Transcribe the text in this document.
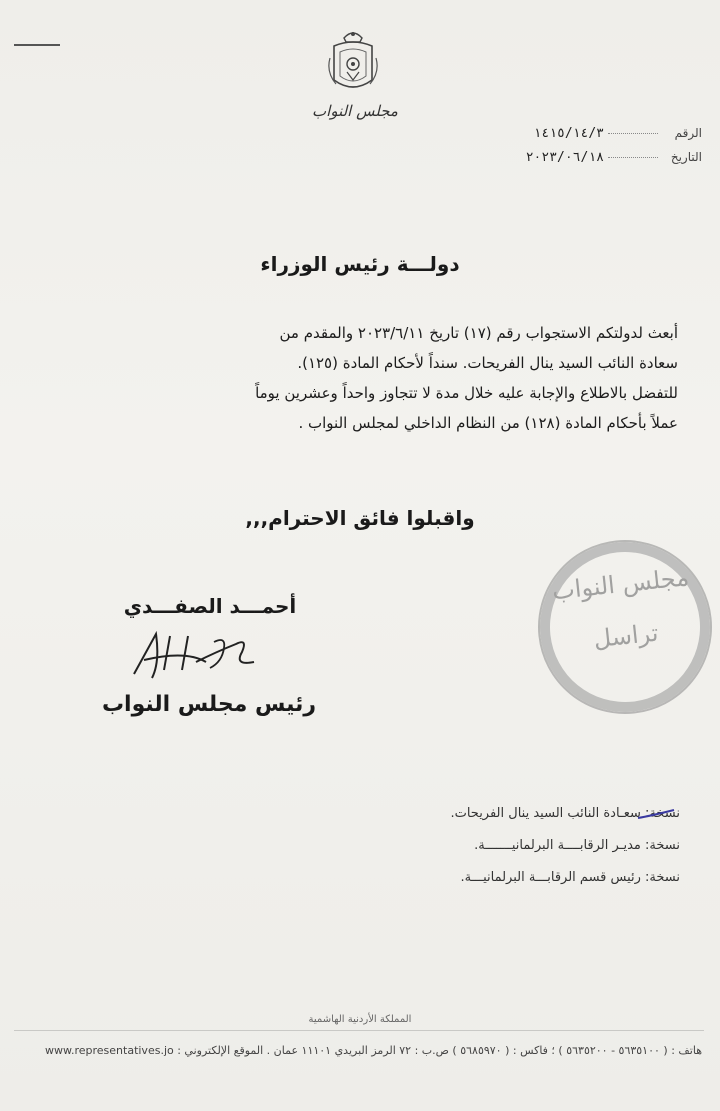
مجلس النواب
الرقم١٤١٥/١٤/٣
التاريخ٢٠٢٣/٠٦/١٨
دولـــة رئيس الوزراء

أبعث لدولتكم الاستجواب رقم (١٧) تاريخ ٢٠٢٣/٦/١١ والمقدم من

سعادة النائب السيد ينال الفريحات. سنداً لأحكام المادة (١٢٥).

للتفضل بالاطلاع والإجابة عليه خلال مدة لا تتجاوز واحداً وعشرين يوماً

عملاً بأحكام المادة (١٢٨) من النظام الداخلي لمجلس النواب .

واقبلوا فائق الاحترام,,,
مجلس النواب
تراسل
أحمـــد الصفـــدي
رئيس مجلس النواب
نسخة: سعـادة النائب السيد ينال الفريحات.
نسخة: مديـر الرقابــــة البرلمانيـــــــة.
نسخة: رئيس قسم الرقابـــة البرلمانيـــة.
المملكة الأردنية الهاشمية
هاتف : ( ٥٦٣٥١٠٠ - ٥٦٣٥٢٠٠ ) ؛ فاكس : ( ٥٦٨٥٩٧٠ ) ص.ب : ٧٢ الرمز البريدي ١١١٠١ عمان . الموقع الإلكتروني : www.representatives.jo
